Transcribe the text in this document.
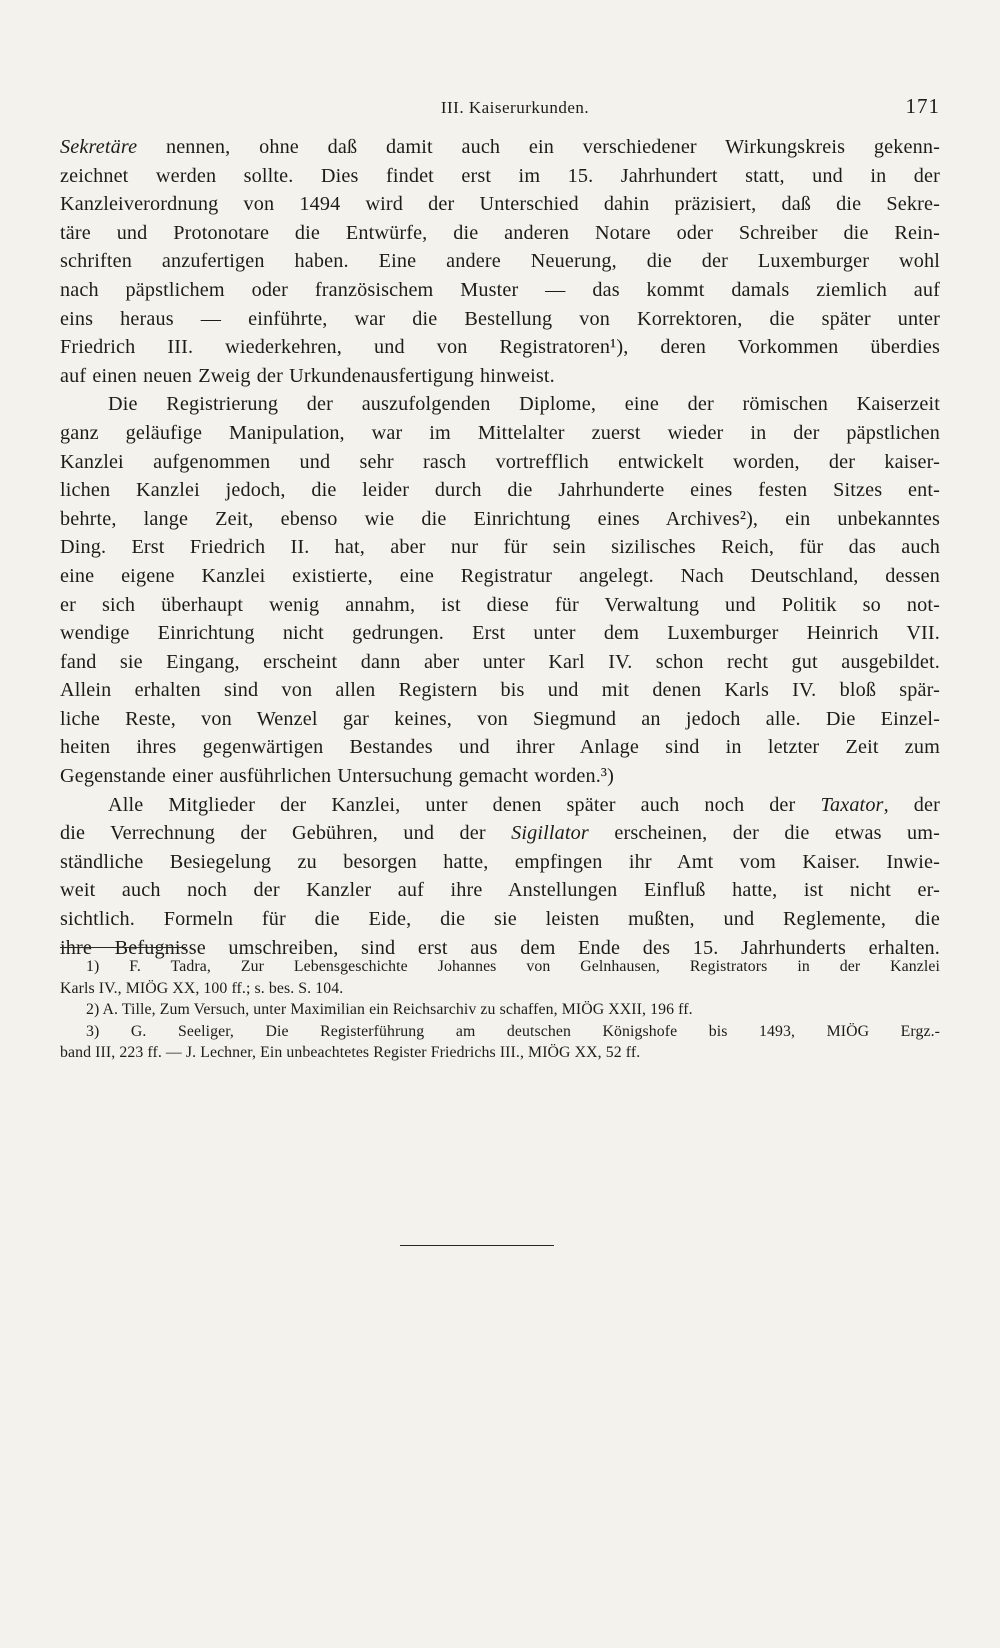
III. Kaiserurkunden.	171
Sekretäre nennen, ohne daß damit auch ein verschiedener Wirkungskreis gekenn-
zeichnet werden sollte. Dies findet erst im 15. Jahrhundert statt, und in der
Kanzleiverordnung von 1494 wird der Unterschied dahin präzisiert, daß die Sekre-
täre und Protonotare die Entwürfe, die anderen Notare oder Schreiber die Rein-
schriften anzufertigen haben. Eine andere Neuerung, die der Luxemburger wohl
nach päpstlichem oder französischem Muster — das kommt damals ziemlich auf
eins heraus — einführte, war die Bestellung von Korrektoren, die später unter
Friedrich III. wiederkehren, und von Registratoren¹), deren Vorkommen überdies
auf einen neuen Zweig der Urkundenausfertigung hinweist.
Die Registrierung der auszufolgenden Diplome, eine der römischen Kaiserzeit
ganz geläufige Manipulation, war im Mittelalter zuerst wieder in der päpstlichen
Kanzlei aufgenommen und sehr rasch vortrefflich entwickelt worden, der kaiser-
lichen Kanzlei jedoch, die leider durch die Jahrhunderte eines festen Sitzes ent-
behrte, lange Zeit, ebenso wie die Einrichtung eines Archives²), ein unbekanntes
Ding. Erst Friedrich II. hat, aber nur für sein sizilisches Reich, für das auch
eine eigene Kanzlei existierte, eine Registratur angelegt. Nach Deutschland, dessen
er sich überhaupt wenig annahm, ist diese für Verwaltung und Politik so not-
wendige Einrichtung nicht gedrungen. Erst unter dem Luxemburger Heinrich VII.
fand sie Eingang, erscheint dann aber unter Karl IV. schon recht gut ausgebildet.
Allein erhalten sind von allen Registern bis und mit denen Karls IV. bloß spär-
liche Reste, von Wenzel gar keines, von Siegmund an jedoch alle. Die Einzel-
heiten ihres gegenwärtigen Bestandes und ihrer Anlage sind in letzter Zeit zum
Gegenstande einer ausführlichen Untersuchung gemacht worden.³)
Alle Mitglieder der Kanzlei, unter denen später auch noch der Taxator, der
die Verrechnung der Gebühren, und der Sigillator erscheinen, der die etwas um-
ständliche Besiegelung zu besorgen hatte, empfingen ihr Amt vom Kaiser. Inwie-
weit auch noch der Kanzler auf ihre Anstellungen Einfluß hatte, ist nicht er-
sichtlich. Formeln für die Eide, die sie leisten mußten, und Reglemente, die
ihre Befugnisse umschreiben, sind erst aus dem Ende des 15. Jahrhunderts erhalten.
1) F. Tadra, Zur Lebensgeschichte Johannes von Gelnhausen, Registrators in der Kanzlei
Karls IV., MIÖG XX, 100 ff.; s. bes. S. 104.
2) A. Tille, Zum Versuch, unter Maximilian ein Reichsarchiv zu schaffen, MIÖG XXII, 196 ff.
3) G. Seeliger, Die Registerführung am deutschen Königshofe bis 1493, MIÖG Ergz.-
band III, 223 ff. — J. Lechner, Ein unbeachtetes Register Friedrichs III., MIÖG XX, 52 ff.
